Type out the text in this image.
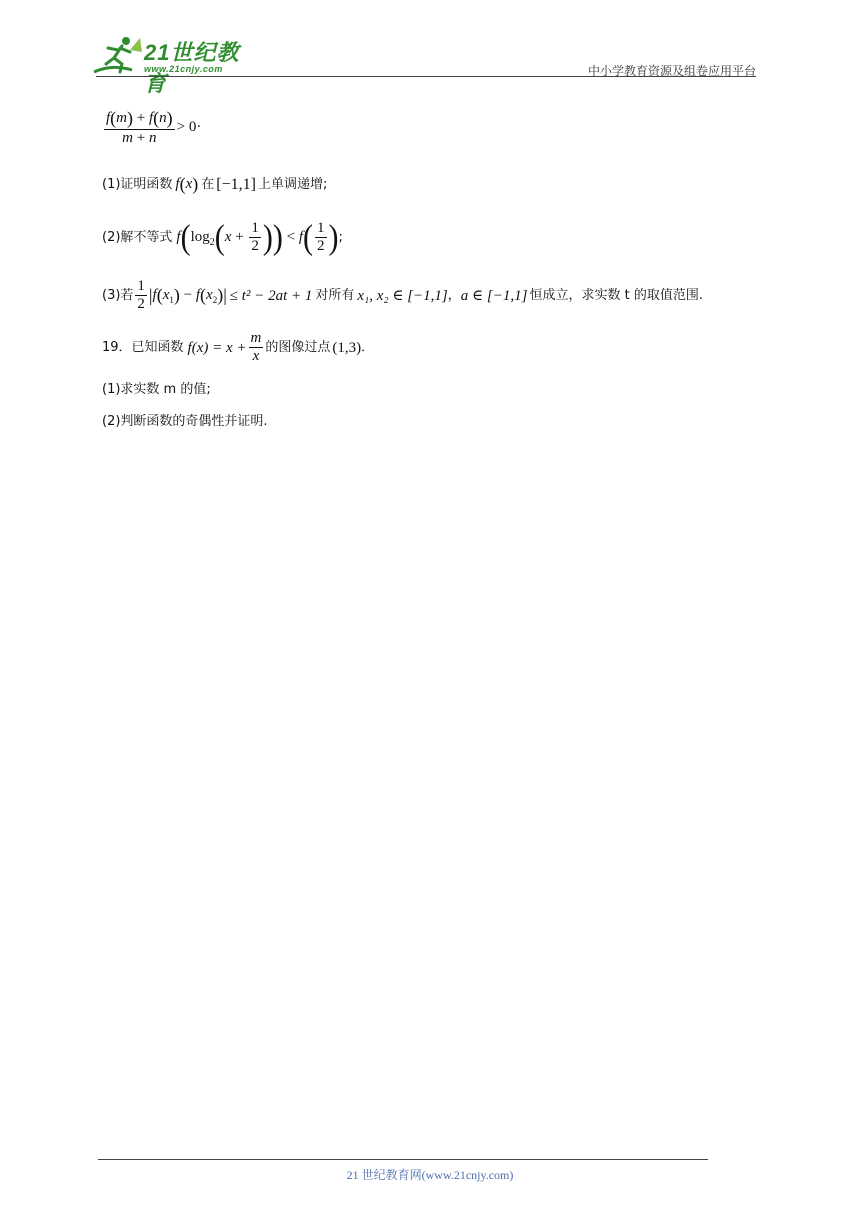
21世纪教育
www.21cnjy.com	中小学教育资源及组卷应用平台
$\frac{f(m) + f(n)}{m + n} > 0\cdot$
(1)证明函数 f(x) 在 [−1,1] 上单调递增;
(2)解不等式 $f(\log_2(x + \frac{1}{2}$ )) < $f( \frac{1}{2}$ ) ;
(3)若 $\frac{1}{2} |f(x_1) - f(x_2)| \le t^2 - 2at + 1$ 对所有 x₁, x₂ ∈ [−1,1] ， a ∈ [−1,1] 恒成立，求实数 t 的取值范围.
19．已知函数 $f(x) = x + \frac{m}{x}$ 的图像过点 (1,3) ．
(1)求实数 m 的值;
(2)判断函数的奇偶性并证明.
21 世纪教育网(www.21cnjy.com)
